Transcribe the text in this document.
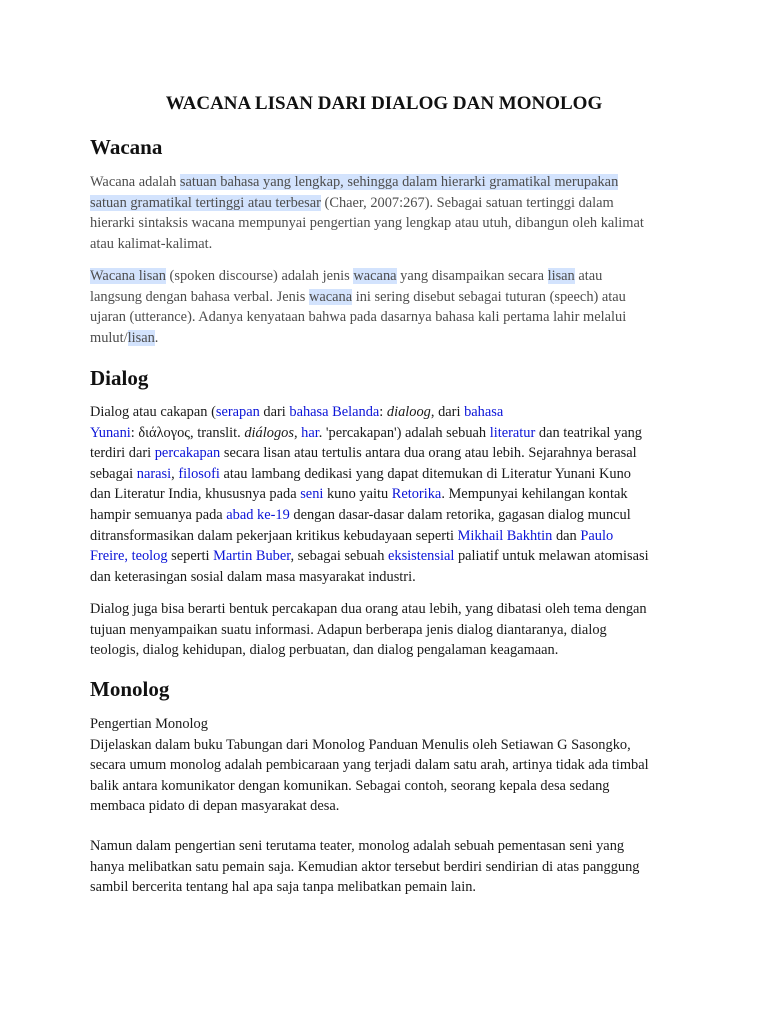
WACANA LISAN DARI DIALOG DAN MONOLOG
Wacana
Wacana adalah satuan bahasa yang lengkap, sehingga dalam hierarki gramatikal merupakan
satuan gramatikal tertinggi atau terbesar (Chaer, 2007:267). Sebagai satuan tertinggi dalam
hierarki sintaksis wacana mempunyai pengertian yang lengkap atau utuh, dibangun oleh kalimat
atau kalimat-kalimat.
Wacana lisan (spoken discourse) adalah jenis wacana yang disampaikan secara lisan atau
langsung dengan bahasa verbal. Jenis wacana ini sering disebut sebagai tuturan (speech) atau
ujaran (utterance). Adanya kenyataan bahwa pada dasarnya bahasa kali pertama lahir melalui
mulut/lisan.
Dialog
Dialog atau cakapan (serapan dari bahasa Belanda: dialoog, dari bahasa
Yunani: διάλογος, translit. diálogos, har. 'percakapan') adalah sebuah literatur dan teatrikal yang
terdiri dari percakapan secara lisan atau tertulis antara dua orang atau lebih. Sejarahnya berasal
sebagai narasi, filosofi atau lambang dedikasi yang dapat ditemukan di Literatur Yunani Kuno
dan Literatur India, khususnya pada seni kuno yaitu Retorika. Mempunyai kehilangan kontak
hampir semuanya pada abad ke-19 dengan dasar-dasar dalam retorika, gagasan dialog muncul
ditransformasikan dalam pekerjaan kritikus kebudayaan seperti Mikhail Bakhtin dan Paulo
Freire, teolog seperti Martin Buber, sebagai sebuah eksistensial paliatif untuk melawan atomisasi
dan keterasingan sosial dalam masa masyarakat industri.
Dialog juga bisa berarti bentuk percakapan dua orang atau lebih, yang dibatasi oleh tema dengan
tujuan menyampaikan suatu informasi. Adapun berberapa jenis dialog diantaranya, dialog
teologis, dialog kehidupan, dialog perbuatan, dan dialog pengalaman keagamaan.
Monolog
Pengertian Monolog
Dijelaskan dalam buku Tabungan dari Monolog Panduan Menulis oleh Setiawan G Sasongko,
secara umum monolog adalah pembicaraan yang terjadi dalam satu arah, artinya tidak ada timbal
balik antara komunikator dengan komunikan. Sebagai contoh, seorang kepala desa sedang
membaca pidato di depan masyarakat desa.
Namun dalam pengertian seni terutama teater, monolog adalah sebuah pementasan seni yang
hanya melibatkan satu pemain saja. Kemudian aktor tersebut berdiri sendirian di atas panggung
sambil bercerita tentang hal apa saja tanpa melibatkan pemain lain.
